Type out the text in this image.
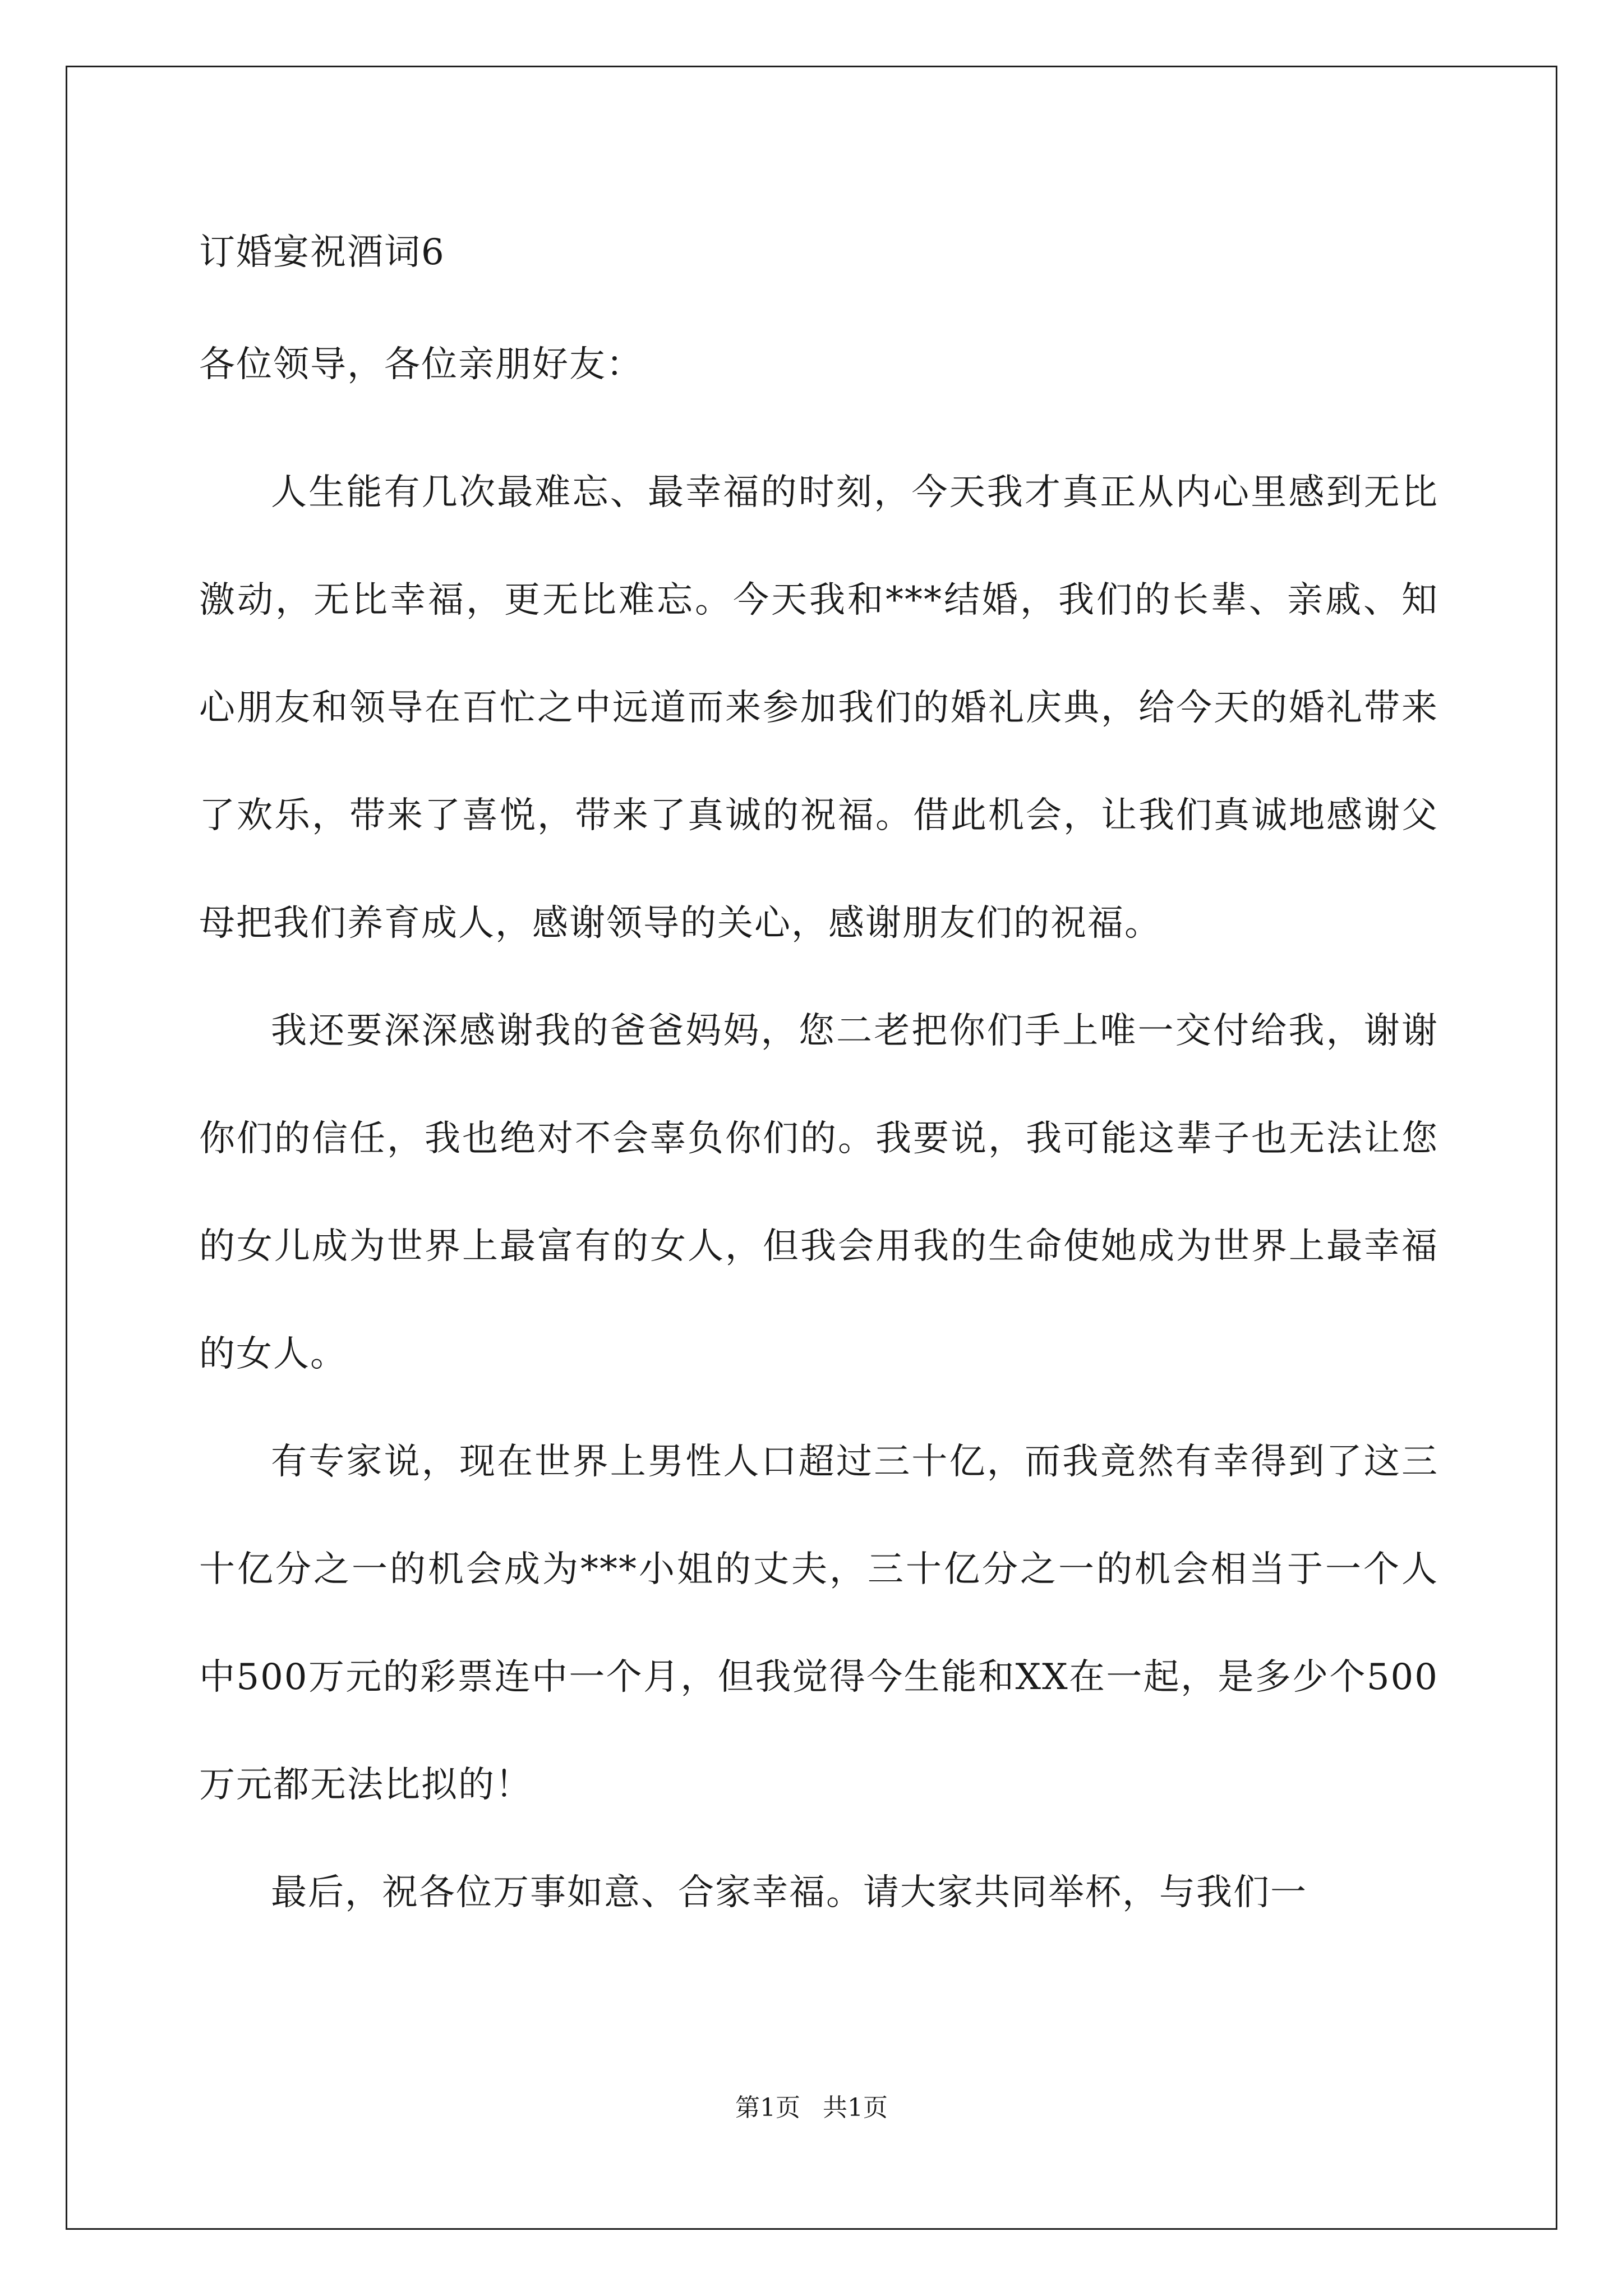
订婚宴祝酒词6
各位领导，各位亲朋好友：

人生能有几次最难忘、最幸福的时刻，今天我才真正从内心里感到无比激动，无比幸福，更无比难忘。今天我和***结婚，我们的长辈、亲戚、知心朋友和领导在百忙之中远道而来参加我们的婚礼庆典，给今天的婚礼带来了欢乐，带来了喜悦，带来了真诚的祝福。借此机会，让我们真诚地感谢父母把我们养育成人，感谢领导的关心，感谢朋友们的祝福。

我还要深深感谢我的爸爸妈妈，您二老把你们手上唯一交付给我，谢谢你们的信任，我也绝对不会辜负你们的。我要说，我可能这辈子也无法让您的女儿成为世界上最富有的女人，但我会用我的生命使她成为世界上最幸福的女人。

有专家说，现在世界上男性人口超过三十亿，而我竟然有幸得到了这三十亿分之一的机会成为***小姐的丈夫，三十亿分之一的机会相当于一个人中500万元的彩票连中一个月，但我觉得今生能和XX在一起，是多少个500万元都无法比拟的！

最后，祝各位万事如意、合家幸福。请大家共同举杯，与我们一

第1页 共1页
